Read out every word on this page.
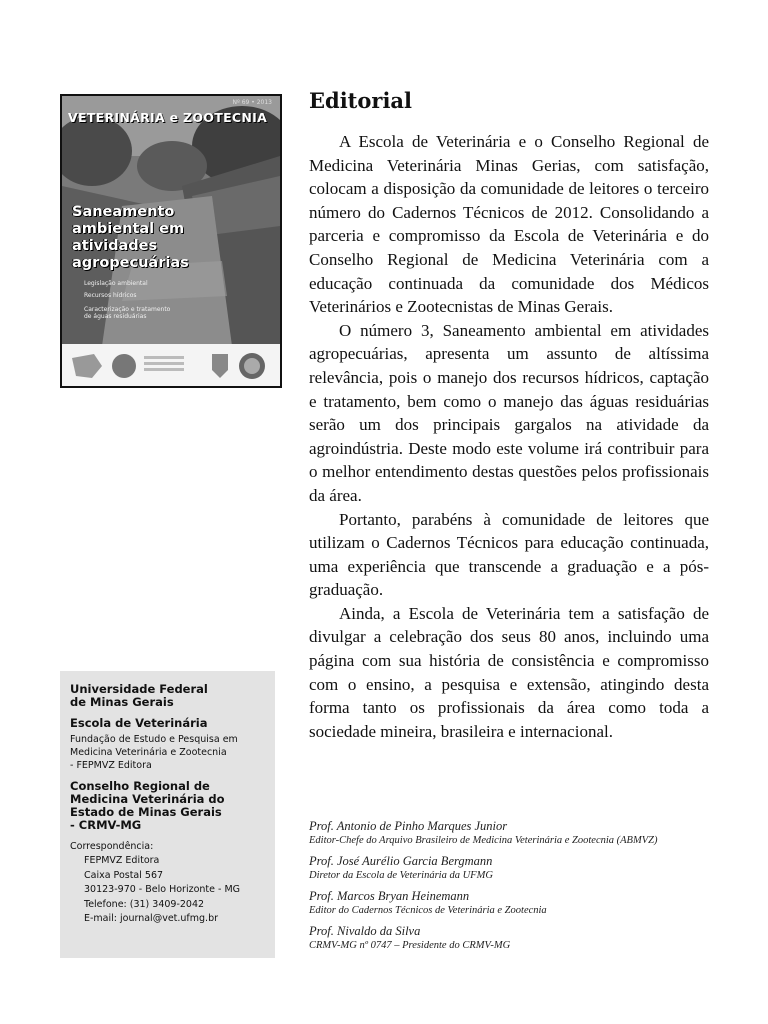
Nº 69 • 2013
VETERINÁRIA e ZOOTECNIA
Saneamento
ambiental em
atividades
agropecuárias
Legislação ambiental
Recursos hídricos
Caracterização e tratamento
de águas residuárias
Editorial

A Escola de Veterinária e o Conselho Regional de Medicina Veterinária Minas Gerias, com satisfação, colocam a disposição da comunidade de leitores o terceiro número do Cadernos Técnicos de 2012. Consolidando a parceria e compromisso da Escola de Veterinária e do Conselho Regional de Medicina Veterinária com a educação continuada da comunidade dos Médicos Veterinários e Zootecnistas de Minas Gerais.

O número 3, Saneamento ambiental em atividades agropecuárias, apresenta um assunto de altíssima relevância, pois o manejo dos recursos hídricos, captação e tratamento, bem como o manejo das águas residuárias serão um dos principais gargalos na atividade da agroindústria. Deste modo este volume irá contribuir para o melhor entendimento destas questões pelos profissionais da área.

Portanto, parabéns à comunidade de leitores que utilizam o Cadernos Técnicos para educação continuada, uma experiência que transcende a graduação e a pós-graduação.

Ainda, a Escola de Veterinária tem a satisfação de divulgar a celebração dos seus 80 anos, incluindo uma página com sua história de consistência e compromisso com o ensino, a pesquisa e extensão, atingindo desta forma tanto os profissionais da área como toda a sociedade mineira, brasileira e internacional.

Prof. Antonio de Pinho Marques Junior
Editor-Chefe do Arquivo Brasileiro de Medicina Veterinária e Zootecnia (ABMVZ)
Prof. José Aurélio Garcia Bergmann
Diretor da Escola de Veterinária da UFMG
Prof. Marcos Bryan Heinemann
Editor do Cadernos Técnicos de Veterinária e Zootecnia
Prof. Nivaldo da Silva
CRMV-MG nº 0747 – Presidente do CRMV-MG
Universidade Federal
de Minas Gerais
Escola de Veterinária
Fundação de Estudo e Pesquisa em
Medicina Veterinária e Zootecnia
- FEPMVZ Editora
Conselho Regional de
Medicina Veterinária do
Estado de Minas Gerais
- CRMV-MG
Correspondência:
FEPMVZ Editora
Caixa Postal 567
30123-970 - Belo Horizonte - MG
Telefone: (31) 3409-2042
E-mail: journal@vet.ufmg.br
